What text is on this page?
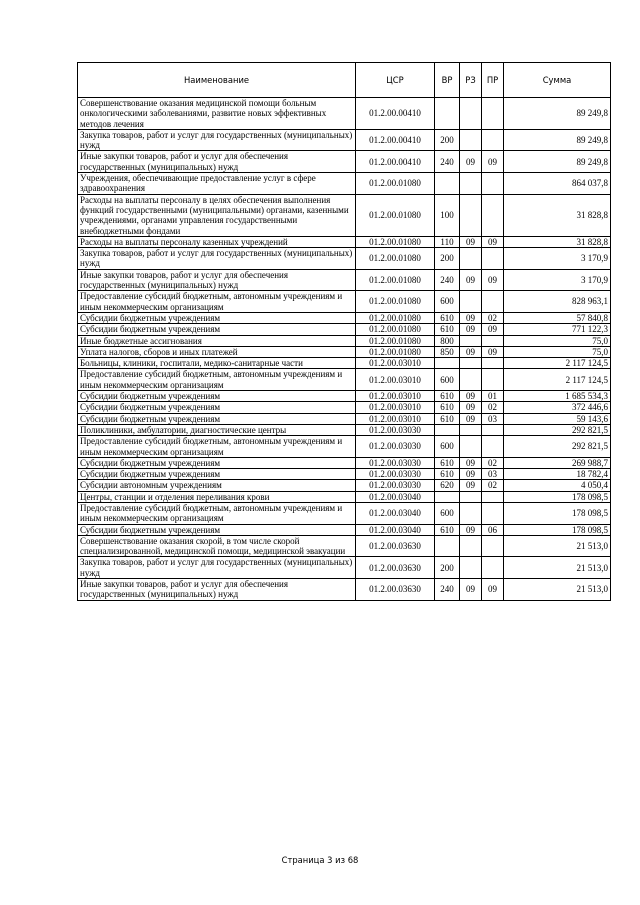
Наименование	ЦСР	ВР	РЗ	ПР	Сумма
Совершенствование оказания медицинской помощи больным онкологическими заболеваниями, развитие новых эффективных методов лечения	01.2.00.00410				89 249,8
Закупка товаров, работ и услуг для государственных (муниципальных) нужд	01.2.00.00410	200			89 249,8
Иные закупки товаров, работ и услуг для обеспечения государственных (муниципальных) нужд	01.2.00.00410	240	09	09	89 249,8
Учреждения, обеспечивающие предоставление услуг в сфере здравоохранения	01.2.00.01080				864 037,8
Расходы на выплаты персоналу в целях обеспечения выполнения функций государственными (муниципальными) органами, казенными учреждениями, органами управления государственными внебюджетными фондами	01.2.00.01080	100			31 828,8
Расходы на выплаты персоналу казенных учреждений	01.2.00.01080	110	09	09	31 828,8
Закупка товаров, работ и услуг для государственных (муниципальных) нужд	01.2.00.01080	200			3 170,9
Иные закупки товаров, работ и услуг для обеспечения государственных (муниципальных) нужд	01.2.00.01080	240	09	09	3 170,9
Предоставление субсидий бюджетным, автономным учреждениям и иным некоммерческим организациям	01.2.00.01080	600			828 963,1
Субсидии бюджетным учреждениям	01.2.00.01080	610	09	02	57 840,8
Субсидии бюджетным учреждениям	01.2.00.01080	610	09	09	771 122,3
Иные бюджетные ассигнования	01.2.00.01080	800			75,0
Уплата налогов, сборов и иных платежей	01.2.00.01080	850	09	09	75,0
Больницы, клиники, госпитали, медико-санитарные части	01.2.00.03010				2 117 124,5
Предоставление субсидий бюджетным, автономным учреждениям и иным некоммерческим организациям	01.2.00.03010	600			2 117 124,5
Субсидии бюджетным учреждениям	01.2.00.03010	610	09	01	1 685 534,3
Субсидии бюджетным учреждениям	01.2.00.03010	610	09	02	372 446,6
Субсидии бюджетным учреждениям	01.2.00.03010	610	09	03	59 143,6
Поликлиники, амбулатории, диагностические центры	01.2.00.03030				292 821,5
Предоставление субсидий бюджетным, автономным учреждениям и иным некоммерческим организациям	01.2.00.03030	600			292 821,5
Субсидии бюджетным учреждениям	01.2.00.03030	610	09	02	269 988,7
Субсидии бюджетным учреждениям	01.2.00.03030	610	09	03	18 782,4
Субсидии автономным учреждениям	01.2.00.03030	620	09	02	4 050,4
Центры, станции и отделения переливания крови	01.2.00.03040				178 098,5
Предоставление субсидий бюджетным, автономным учреждениям и иным некоммерческим организациям	01.2.00.03040	600			178 098,5
Субсидии бюджетным учреждениям	01.2.00.03040	610	09	06	178 098,5
Совершенствование оказания скорой, в том числе скорой специализированной, медицинской помощи, медицинской эвакуации	01.2.00.03630				21 513,0
Закупка товаров, работ и услуг для государственных (муниципальных) нужд	01.2.00.03630	200			21 513,0
Иные закупки товаров, работ и услуг для обеспечения государственных (муниципальных) нужд	01.2.00.03630	240	09	09	21 513,0
Страница 3 из 68
